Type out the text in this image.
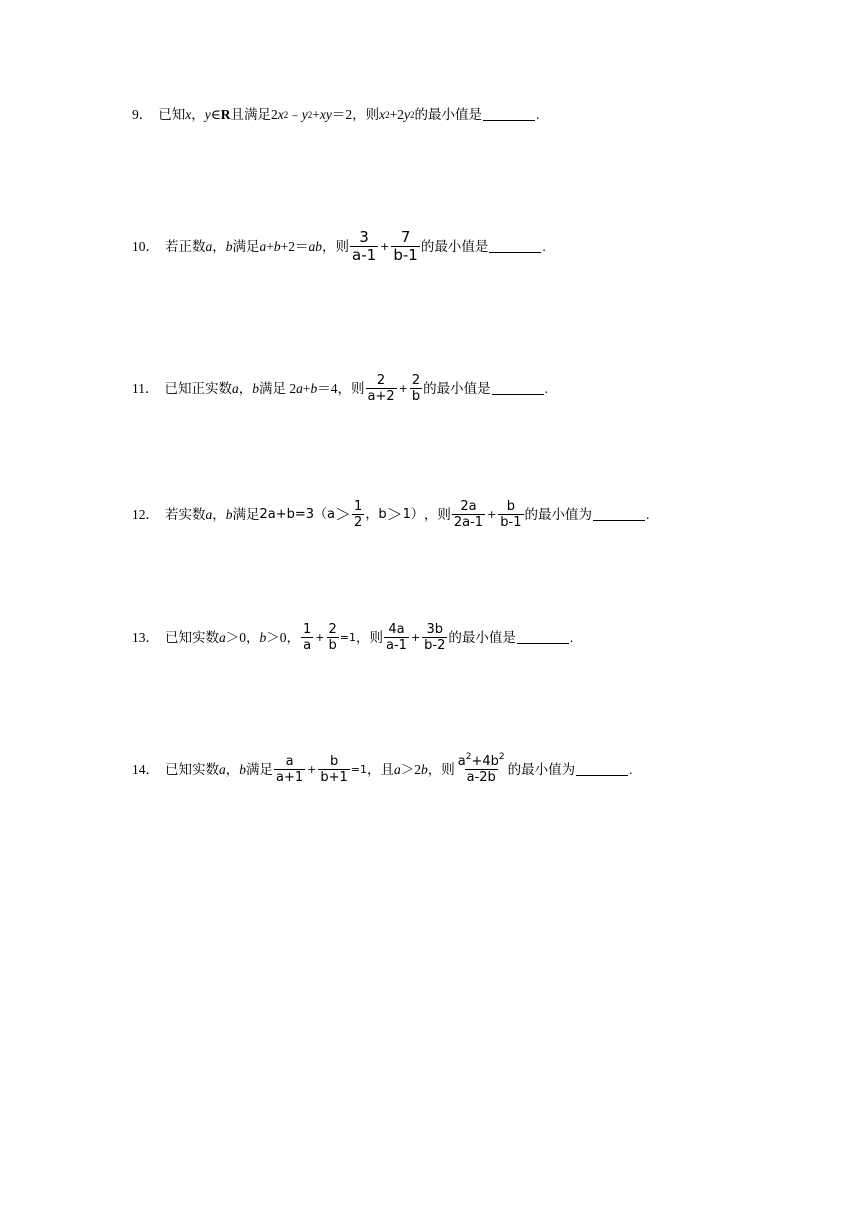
9． 已知 x ， y ∈ R 且满足 2 x 2 ﹣ y 2 + x y ＝2，则 x 2 +2 y 2 的最小值是	.
10． 若正数 a ， b 满足 a + b +2＝ a b ，则 $\frac{3}{a-1} + \frac{7}{b-1}$ 的最小值是	.
11． 已知正实数 a ， b 满足 2 a + b ＝4，则 $\frac{2}{a+2} + \frac{2}{b}$ 的最小值是	.
12． 若实数 a ， b 满足 $2a+b=3(a > \frac{1}{2}$ ，b ＞ 1） ，则 $\frac{2a}{2a-1} + \frac{b}{b-1}$ 的最小值为	.
13． 已知实数 a ＞0， b ＞0， $\frac{1}{a} + \frac{2}{b} =1$ ，则 $\frac{4a}{a-1} + \frac{3b}{b-2}$ 的最小值是	.
14． 已知实数 a ， b 满足 $\frac{a}{a+1} + \frac{b}{b+1} =1$ ，且 a ＞2 b ，则 $\frac{a^2+4b^2}{a-2b}$ 的最小值为	.
